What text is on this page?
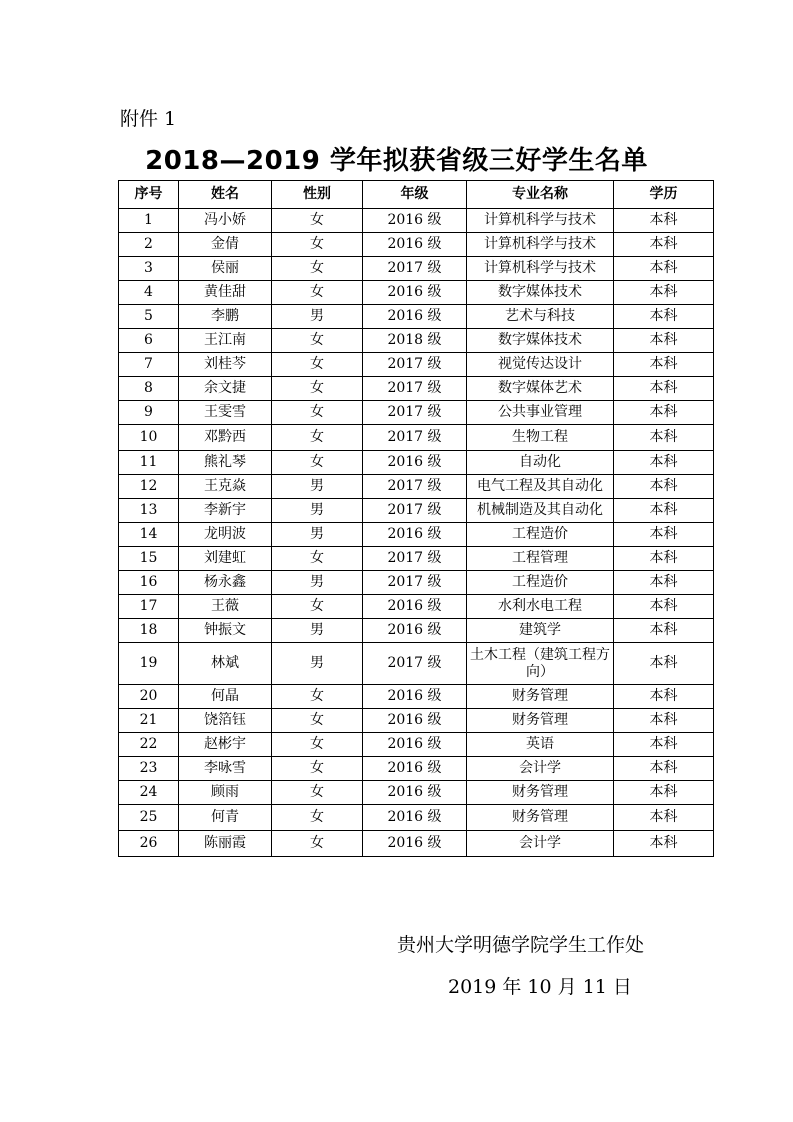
附件 1
2018—2019 学年拟获省级三好学生名单
序号	姓名	性别	年级	专业名称	学历
1	冯小娇	女	2016 级	计算机科学与技术	本科
2	金倩	女	2016 级	计算机科学与技术	本科
3	侯丽	女	2017 级	计算机科学与技术	本科
4	黄佳甜	女	2016 级	数字媒体技术	本科
5	李鹏	男	2016 级	艺术与科技	本科
6	王江南	女	2018 级	数字媒体技术	本科
7	刘桂芩	女	2017 级	视觉传达设计	本科
8	余文捷	女	2017 级	数字媒体艺术	本科
9	王雯雪	女	2017 级	公共事业管理	本科
10	邓黔西	女	2017 级	生物工程	本科
11	熊礼琴	女	2016 级	自动化	本科
12	王克焱	男	2017 级	电气工程及其自动化	本科
13	李新宇	男	2017 级	机械制造及其自动化	本科
14	龙明波	男	2016 级	工程造价	本科
15	刘建虹	女	2017 级	工程管理	本科
16	杨永鑫	男	2017 级	工程造价	本科
17	王薇	女	2016 级	水利水电工程	本科
18	钟振文	男	2016 级	建筑学	本科
19	林斌	男	2017 级	土木工程（建筑工程方向）	本科
20	何晶	女	2016 级	财务管理	本科
21	饶箔钰	女	2016 级	财务管理	本科
22	赵彬宇	女	2016 级	英语	本科
23	李咏雪	女	2016 级	会计学	本科
24	顾雨	女	2016 级	财务管理	本科
25	何青	女	2016 级	财务管理	本科
26	陈丽霞	女	2016 级	会计学	本科
贵州大学明德学院学生工作处
2019 年 10 月 11 日
